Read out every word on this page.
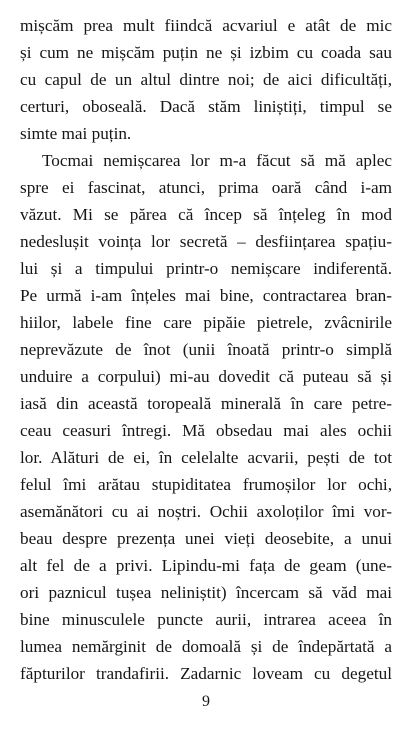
mișcăm prea mult fiindcă acvariul e atât de mic
și cum ne mișcăm puțin ne și izbim cu coada sau
cu capul de un altul dintre noi; de aici dificultăți,
certuri, oboseală. Dacă stăm liniștiți, timpul se
simte mai puțin.
Tocmai nemișcarea lor m-a făcut să mă aplec
spre ei fascinat, atunci, prima oară când i-am
văzut. Mi se părea că încep să înțeleg în mod
nedeslușit voința lor secretă – desființarea spațiu-
lui și a timpului printr-o nemișcare indiferentă.
Pe urmă i-am înțeles mai bine, contractarea bran-
hiilor, labele fine care pipăie pietrele, zvâcnirile
neprevăzute de înot (unii înoată printr-o simplă
unduire a corpului) mi-au dovedit că puteau să și
iasă din această toropeală minerală în care petre-
ceau ceasuri întregi. Mă obsedau mai ales ochii
lor. Alături de ei, în celelalte acvarii, pești de tot
felul îmi arătau stupiditatea frumoșilor lor ochi,
asemănători cu ai noștri. Ochii axoloților îmi vor-
beau despre prezența unei vieți deosebite, a unui
alt fel de a privi. Lipindu-mi fața de geam (une-
ori paznicul tușea neliniștit) încercam să văd mai
bine minusculele puncte aurii, intrarea aceea în
lumea nemărginit de domoală și de îndepărtată a
făpturilor trandafirii. Zadarnic loveam cu degetul
9
